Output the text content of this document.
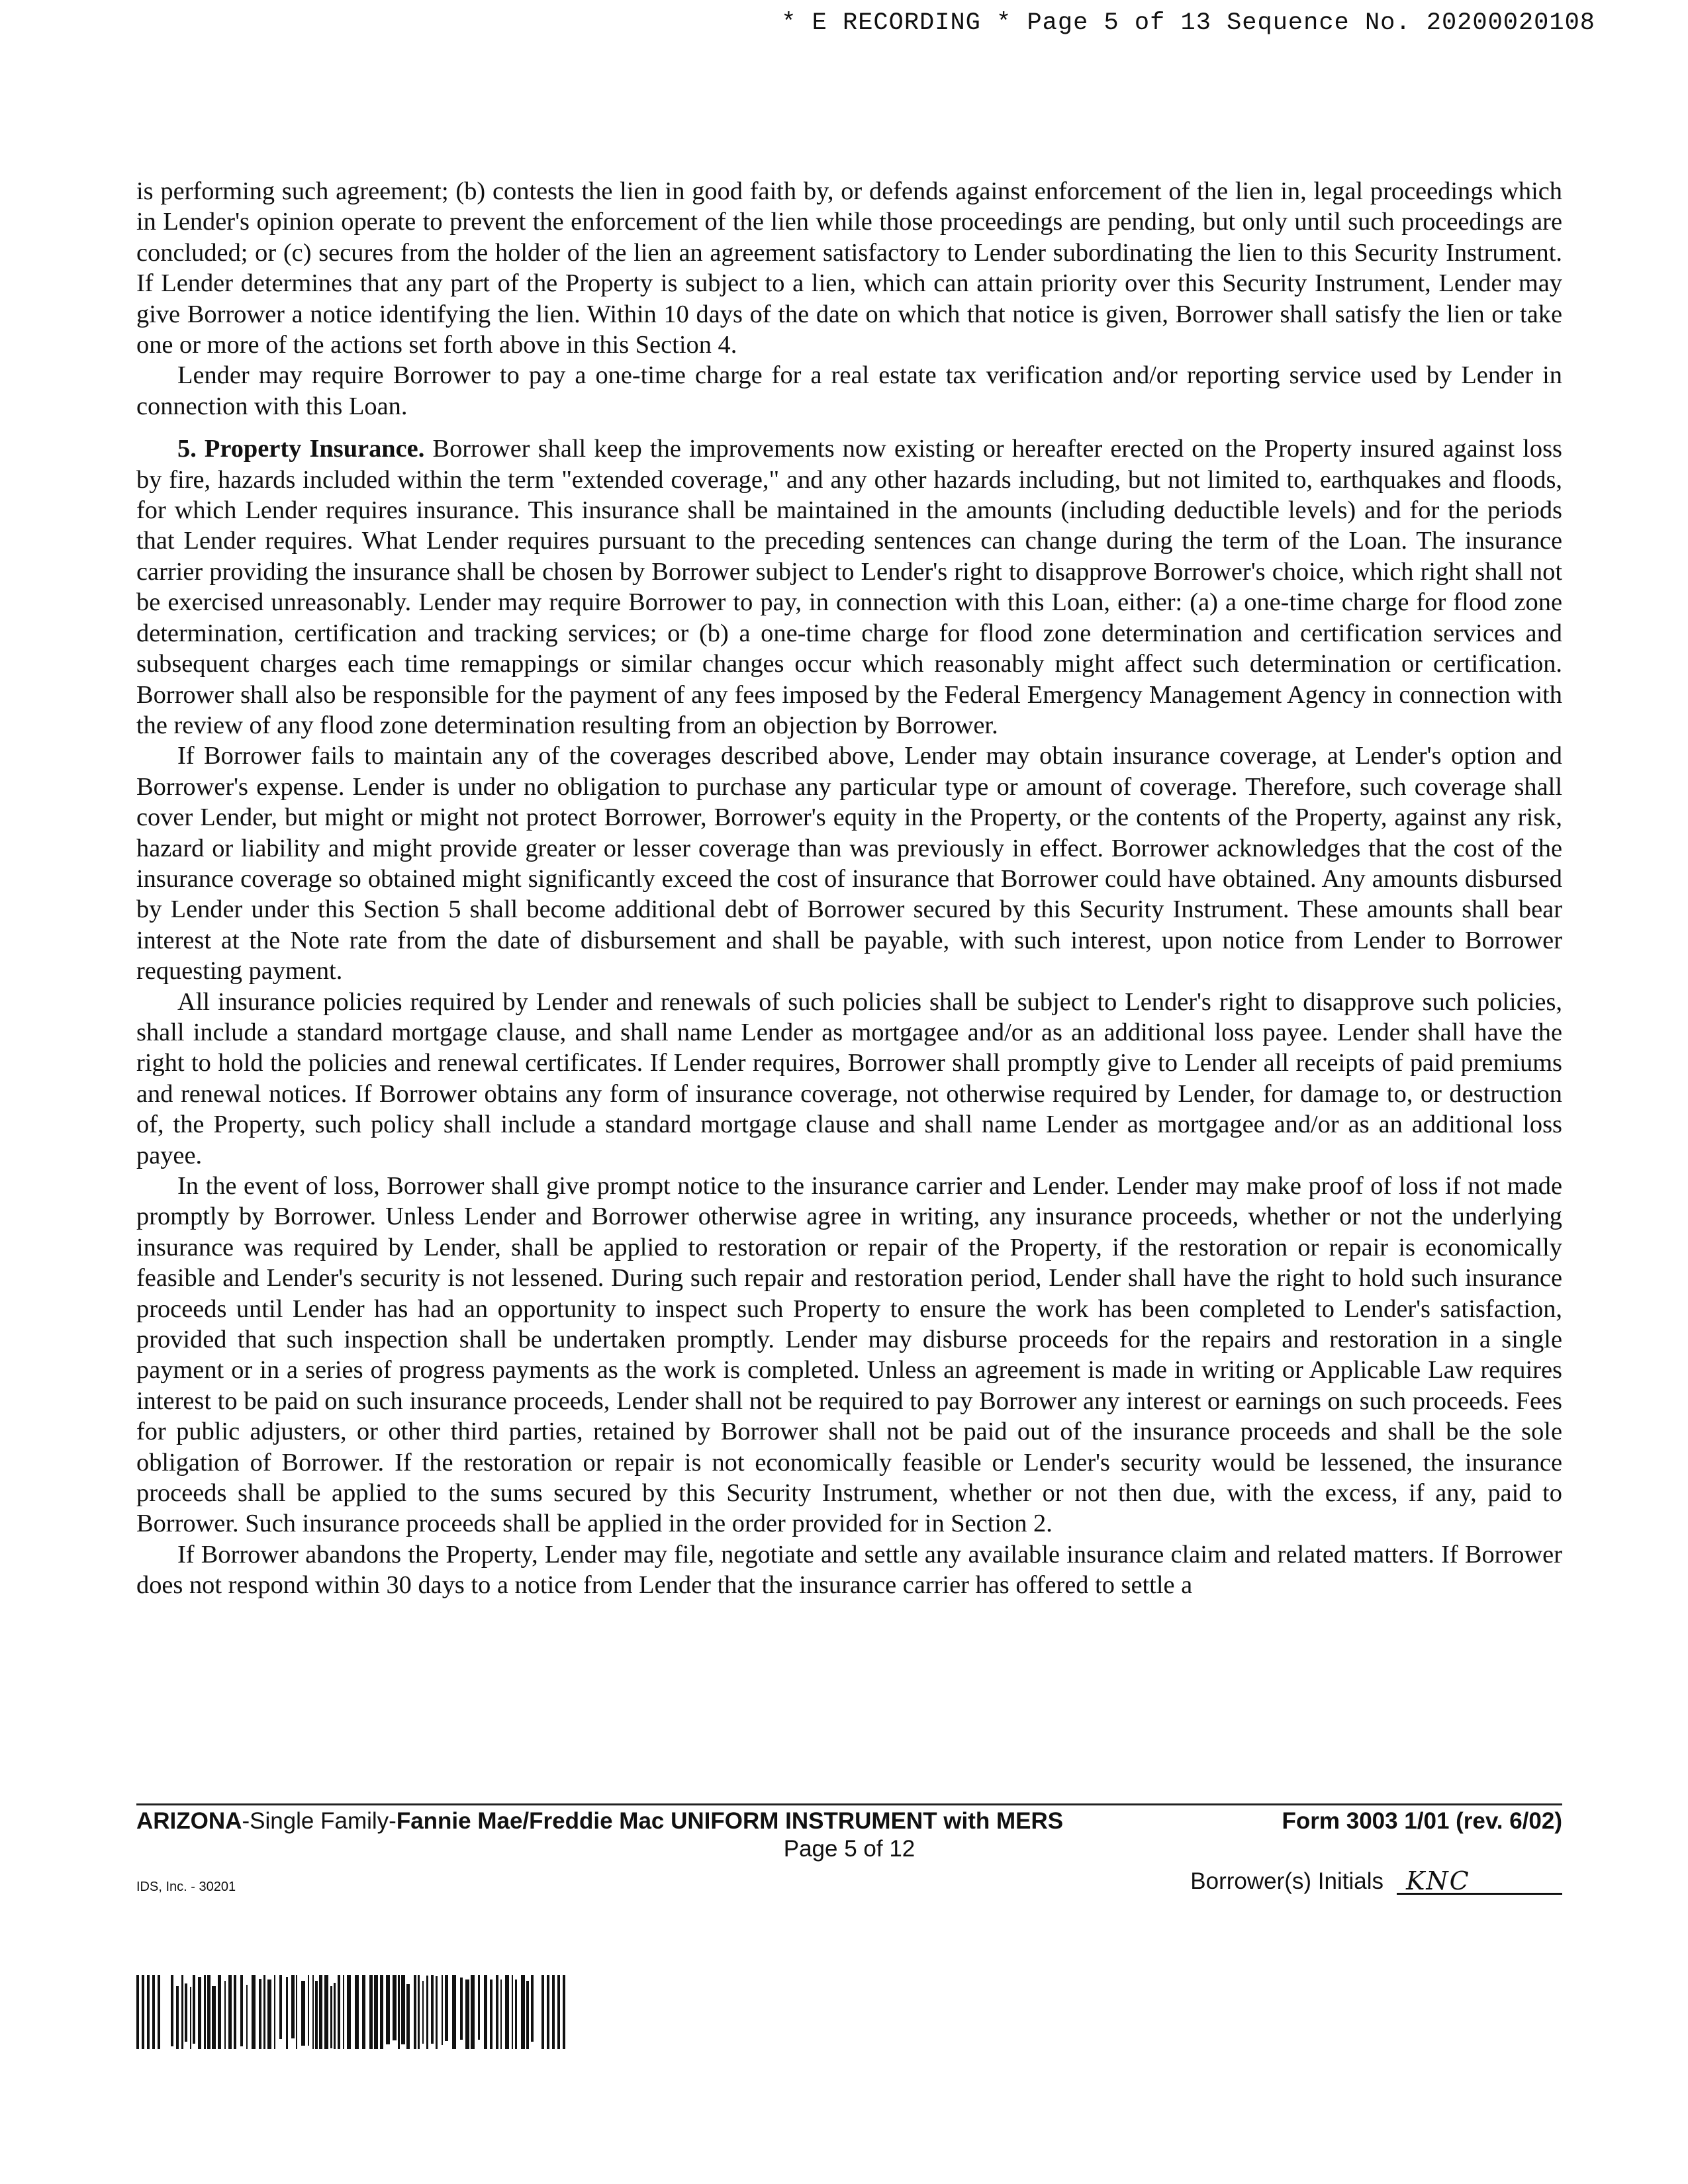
* E RECORDING * Page 5 of 13 Sequence No. 20200020108

is performing such agreement; (b) contests the lien in good faith by, or defends against enforcement of the lien in, legal proceedings which in Lender's opinion operate to prevent the enforcement of the lien while those proceedings are pending, but only until such proceedings are concluded; or (c) secures from the holder of the lien an agreement satisfactory to Lender subordinating the lien to this Security Instrument. If Lender determines that any part of the Property is subject to a lien, which can attain priority over this Security Instrument, Lender may give Borrower a notice identifying the lien. Within 10 days of the date on which that notice is given, Borrower shall satisfy the lien or take one or more of the actions set forth above in this Section 4.

Lender may require Borrower to pay a one-time charge for a real estate tax verification and/or reporting service used by Lender in connection with this Loan.

5. Property Insurance. Borrower shall keep the improvements now existing or hereafter erected on the Property insured against loss by fire, hazards included within the term "extended coverage," and any other hazards including, but not limited to, earthquakes and floods, for which Lender requires insurance. This insurance shall be maintained in the amounts (including deductible levels) and for the periods that Lender requires. What Lender requires pursuant to the preceding sentences can change during the term of the Loan. The insurance carrier providing the insurance shall be chosen by Borrower subject to Lender's right to disapprove Borrower's choice, which right shall not be exercised unreasonably. Lender may require Borrower to pay, in connection with this Loan, either: (a) a one-time charge for flood zone determination, certification and tracking services; or (b) a one-time charge for flood zone determination and certification services and subsequent charges each time remappings or similar changes occur which reasonably might affect such determination or certification. Borrower shall also be responsible for the payment of any fees imposed by the Federal Emergency Management Agency in connection with the review of any flood zone determination resulting from an objection by Borrower.

If Borrower fails to maintain any of the coverages described above, Lender may obtain insurance coverage, at Lender's option and Borrower's expense. Lender is under no obligation to purchase any particular type or amount of coverage. Therefore, such coverage shall cover Lender, but might or might not protect Borrower, Borrower's equity in the Property, or the contents of the Property, against any risk, hazard or liability and might provide greater or lesser coverage than was previously in effect. Borrower acknowledges that the cost of the insurance coverage so obtained might significantly exceed the cost of insurance that Borrower could have obtained. Any amounts disbursed by Lender under this Section 5 shall become additional debt of Borrower secured by this Security Instrument. These amounts shall bear interest at the Note rate from the date of disbursement and shall be payable, with such interest, upon notice from Lender to Borrower requesting payment.

All insurance policies required by Lender and renewals of such policies shall be subject to Lender's right to disapprove such policies, shall include a standard mortgage clause, and shall name Lender as mortgagee and/or as an additional loss payee. Lender shall have the right to hold the policies and renewal certificates. If Lender requires, Borrower shall promptly give to Lender all receipts of paid premiums and renewal notices. If Borrower obtains any form of insurance coverage, not otherwise required by Lender, for damage to, or destruction of, the Property, such policy shall include a standard mortgage clause and shall name Lender as mortgagee and/or as an additional loss payee.

In the event of loss, Borrower shall give prompt notice to the insurance carrier and Lender. Lender may make proof of loss if not made promptly by Borrower. Unless Lender and Borrower otherwise agree in writing, any insurance proceeds, whether or not the underlying insurance was required by Lender, shall be applied to restoration or repair of the Property, if the restoration or repair is economically feasible and Lender's security is not lessened. During such repair and restoration period, Lender shall have the right to hold such insurance proceeds until Lender has had an opportunity to inspect such Property to ensure the work has been completed to Lender's satisfaction, provided that such inspection shall be undertaken promptly. Lender may disburse proceeds for the repairs and restoration in a single payment or in a series of progress payments as the work is completed. Unless an agreement is made in writing or Applicable Law requires interest to be paid on such insurance proceeds, Lender shall not be required to pay Borrower any interest or earnings on such proceeds. Fees for public adjusters, or other third parties, retained by Borrower shall not be paid out of the insurance proceeds and shall be the sole obligation of Borrower. If the restoration or repair is not economically feasible or Lender's security would be lessened, the insurance proceeds shall be applied to the sums secured by this Security Instrument, whether or not then due, with the excess, if any, paid to Borrower. Such insurance proceeds shall be applied in the order provided for in Section 2.

If Borrower abandons the Property, Lender may file, negotiate and settle any available insurance claim and related matters. If Borrower does not respond within 30 days to a notice from Lender that the insurance carrier has offered to settle a

ARIZONA-Single Family-Fannie Mae/Freddie Mac UNIFORM INSTRUMENT with MERS	Form 3003 1/01 (rev. 6/02)
Page 5 of 12
IDS, Inc. - 30201	Borrower(s) Initials KNC
